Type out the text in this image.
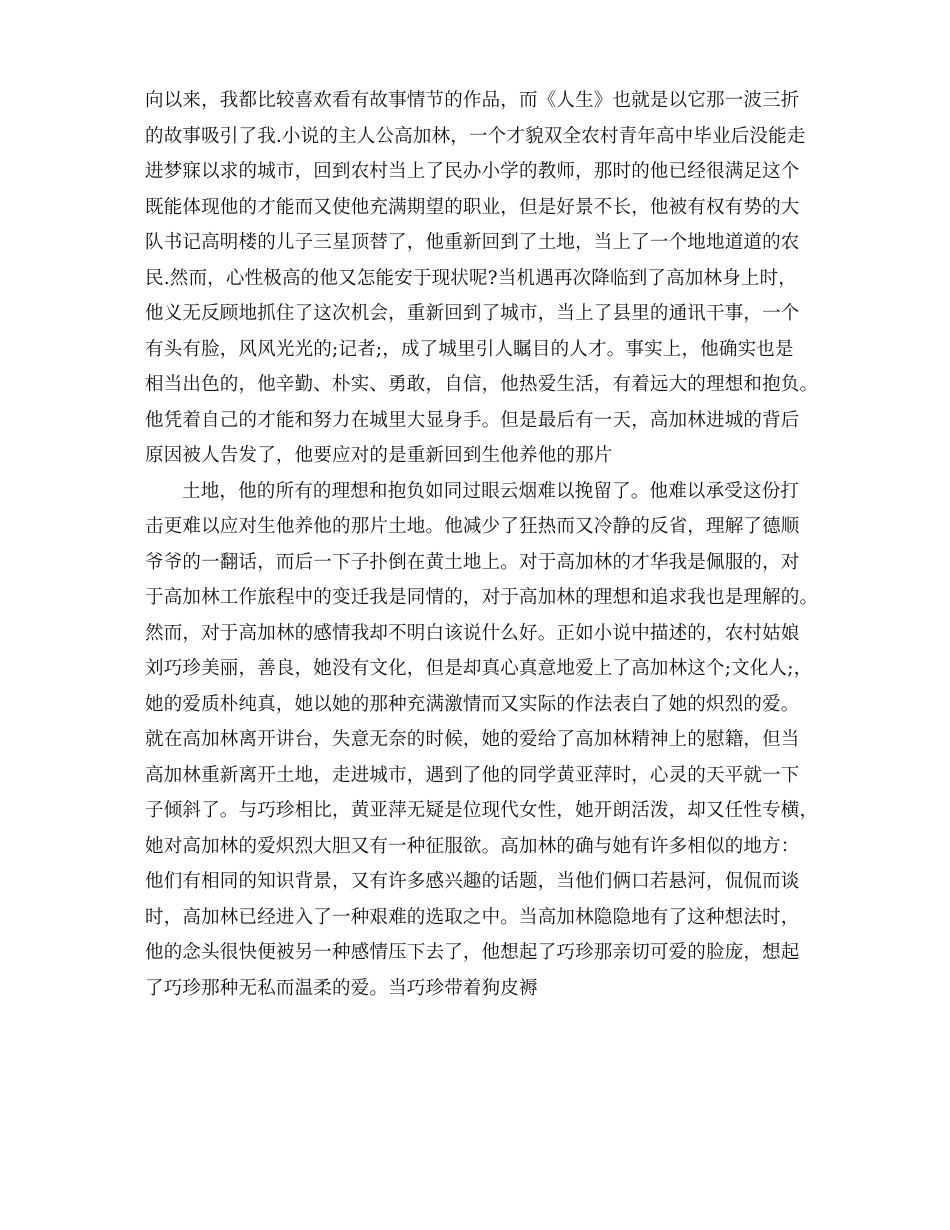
向以来，我都比较喜欢看有故事情节的作品，而《人生》也就是以它那一波三折
的故事吸引了我.小说的主人公高加林，一个才貌双全农村青年高中毕业后没能走
进梦寐以求的城市，回到农村当上了民办小学的教师，那时的他已经很满足这个
既能体现他的才能而又使他充满期望的职业，但是好景不长，他被有权有势的大
队书记高明楼的儿子三星顶替了，他重新回到了土地，当上了一个地地道道的农
民.然而，心性极高的他又怎能安于现状呢?当机遇再次降临到了高加林身上时，
他义无反顾地抓住了这次机会，重新回到了城市，当上了县里的通讯干事，一个
有头有脸，风风光光的;记者;，成了城里引人瞩目的人才。事实上，他确实也是
相当出色的，他辛勤、朴实、勇敢，自信，他热爱生活，有着远大的理想和抱负。
他凭着自己的才能和努力在城里大显身手。但是最后有一天，高加林进城的背后
原因被人告发了，他要应对的是重新回到生他养他的那片
土地，他的所有的理想和抱负如同过眼云烟难以挽留了。他难以承受这份打
击更难以应对生他养他的那片土地。他减少了狂热而又冷静的反省，理解了德顺
爷爷的一翻话，而后一下子扑倒在黄土地上。对于高加林的才华我是佩服的，对
于高加林工作旅程中的变迁我是同情的，对于高加林的理想和追求我也是理解的。
然而，对于高加林的感情我却不明白该说什么好。正如小说中描述的，农村姑娘
刘巧珍美丽，善良，她没有文化，但是却真心真意地爱上了高加林这个;文化人;，
她的爱质朴纯真，她以她的那种充满激情而又实际的作法表白了她的炽烈的爱。
就在高加林离开讲台，失意无奈的时候，她的爱给了高加林精神上的慰籍，但当
高加林重新离开土地，走进城市，遇到了他的同学黄亚萍时，心灵的天平就一下
子倾斜了。与巧珍相比，黄亚萍无疑是位现代女性，她开朗活泼，却又任性专横，
她对高加林的爱炽烈大胆又有一种征服欲。高加林的确与她有许多相似的地方：
他们有相同的知识背景，又有许多感兴趣的话题，当他们俩口若悬河，侃侃而谈
时，高加林已经进入了一种艰难的选取之中。当高加林隐隐地有了这种想法时，
他的念头很快便被另一种感情压下去了，他想起了巧珍那亲切可爱的脸庞，想起
了巧珍那种无私而温柔的爱。当巧珍带着狗皮褥
